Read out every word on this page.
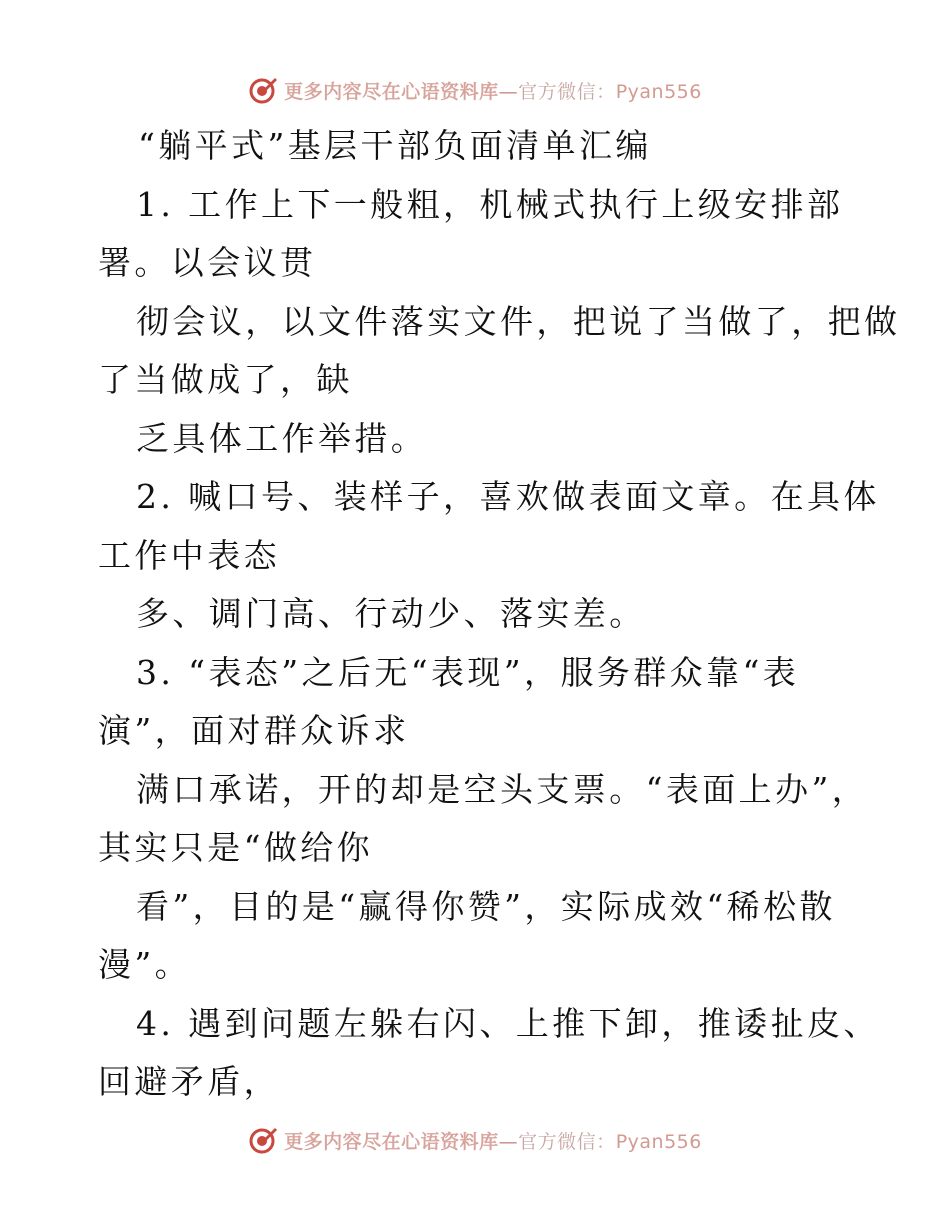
更多内容尽在心语资料库—官方微信：Pyan556
“躺平式”基层干部负面清单汇编
1. 工作上下一般粗，机械式执行上级安排部
署。以会议贯
彻会议，以文件落实文件，把说了当做了，把做
了当做成了，缺
乏具体工作举措。
2. 喊口号、装样子，喜欢做表面文章。在具体
工作中表态
多、调门高、行动少、落实差。
3. “表态”之后无“表现”，服务群众靠“表
演”，面对群众诉求
满口承诺，开的却是空头支票。“表面上办”，
其实只是“做给你
看”，目的是“赢得你赞”，实际成效“稀松散
漫”。
4. 遇到问题左躲右闪、上推下卸，推诿扯皮、
回避矛盾，
更多内容尽在心语资料库—官方微信：Pyan556
